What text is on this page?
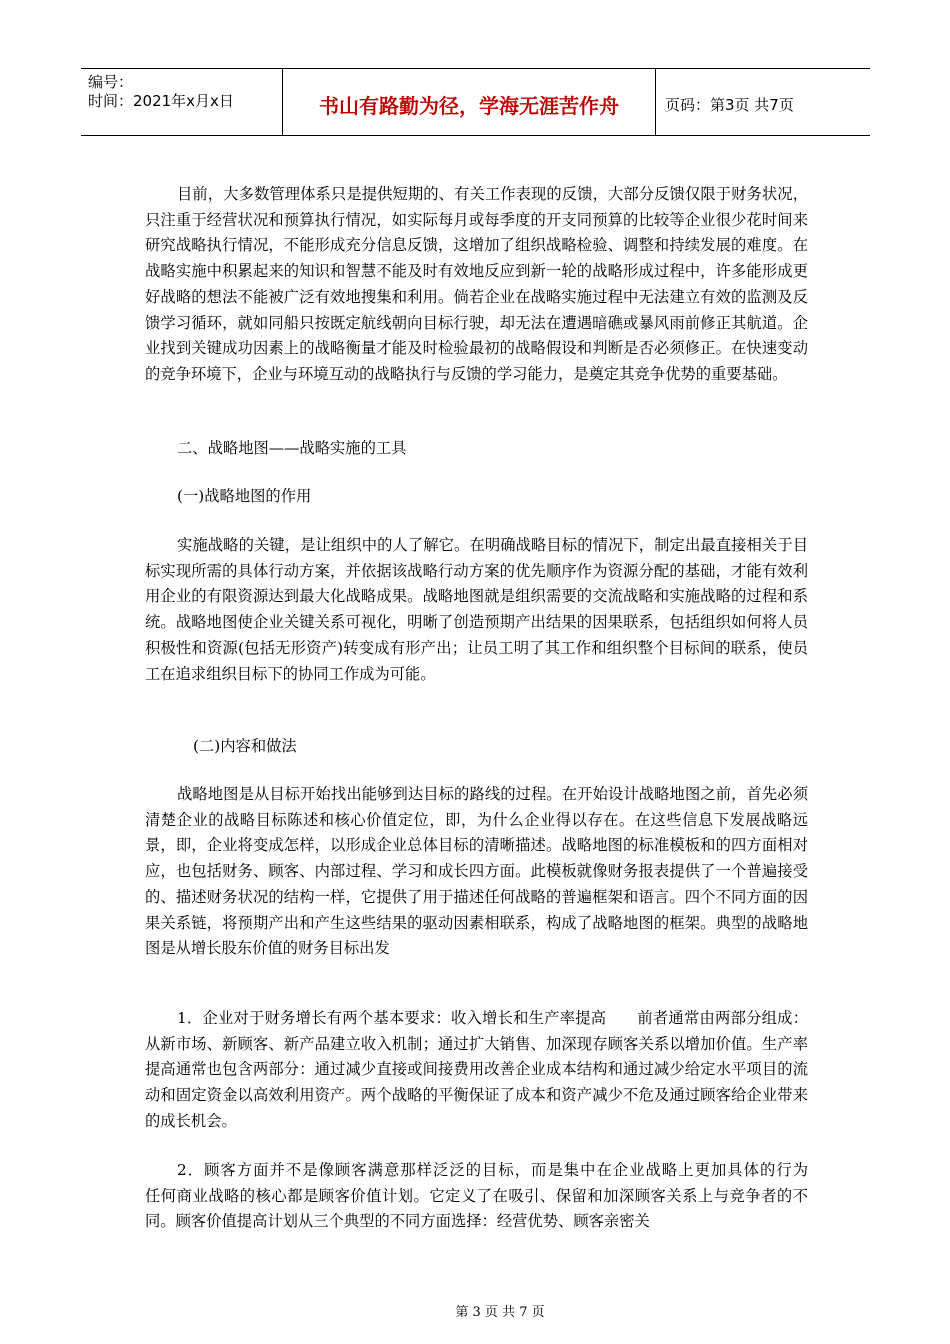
编号：
时间：2021年x月x日	书山有路勤为径，学海无涯苦作舟	页码：第3页 共7页

目前，大多数管理体系只是提供短期的、有关工作表现的反馈，大部分反馈仅限于财务状况，只注重于经营状况和预算执行情况，如实际每月或每季度的开支同预算的比较等企业很少花时间来研究战略执行情况，不能形成充分信息反馈，这增加了组织战略检验、调整和持续发展的难度。在战略实施中积累起来的知识和智慧不能及时有效地反应到新一轮的战略形成过程中，许多能形成更好战略的想法不能被广泛有效地搜集和利用。倘若企业在战略实施过程中无法建立有效的监测及反馈学习循环，就如同船只按既定航线朝向目标行驶，却无法在遭遇暗礁或暴风雨前修正其航道。企业找到关键成功因素上的战略衡量才能及时检验最初的战略假设和判断是否必须修正。在快速变动的竞争环境下，企业与环境互动的战略执行与反馈的学习能力，是奠定其竞争优势的重要基础。

二、战略地图——战略实施的工具

(一)战略地图的作用

实施战略的关键，是让组织中的人了解它。在明确战略目标的情况下，制定出最直接相关于目标实现所需的具体行动方案，并依据该战略行动方案的优先顺序作为资源分配的基础，才能有效利用企业的有限资源达到最大化战略成果。战略地图就是组织需要的交流战略和实施战略的过程和系统。战略地图使企业关键关系可视化，明晰了创造预期产出结果的因果联系，包括组织如何将人员积极性和资源(包括无形资产)转变成有形产出；让员工明了其工作和组织整个目标间的联系，使员工在追求组织目标下的协同工作成为可能。

(二)内容和做法

战略地图是从目标开始找出能够到达目标的路线的过程。在开始设计战略地图之前，首先必须清楚企业的战略目标陈述和核心价值定位，即，为什么企业得以存在。在这些信息下发展战略远景，即，企业将变成怎样，以形成企业总体目标的清晰描述。战略地图的标准模板和的四方面相对应，也包括财务、顾客、内部过程、学习和成长四方面。此模板就像财务报表提供了一个普遍接受的、描述财务状况的结构一样，它提供了用于描述任何战略的普遍框架和语言。四个不同方面的因果关系链，将预期产出和产生这些结果的驱动因素相联系，构成了战略地图的框架。典型的战略地图是从增长股东价值的财务目标出发

1．企业对于财务增长有两个基本要求：收入增长和生产率提高　　前者通常由两部分组成：从新市场、新顾客、新产品建立收入机制；通过扩大销售、加深现存顾客关系以增加价值。生产率提高通常也包含两部分：通过减少直接或间接费用改善企业成本结构和通过减少给定水平项目的流动和固定资金以高效利用资产。两个战略的平衡保证了成本和资产减少不危及通过顾客给企业带来的成长机会。

2．顾客方面并不是像顾客满意那样泛泛的目标，而是集中在企业战略上更加具体的行为　　任何商业战略的核心都是顾客价值计划。它定义了在吸引、保留和加深顾客关系上与竞争者的不同。顾客价值提高计划从三个典型的不同方面选择：经营优势、顾客亲密关

第 3 页 共 7 页
